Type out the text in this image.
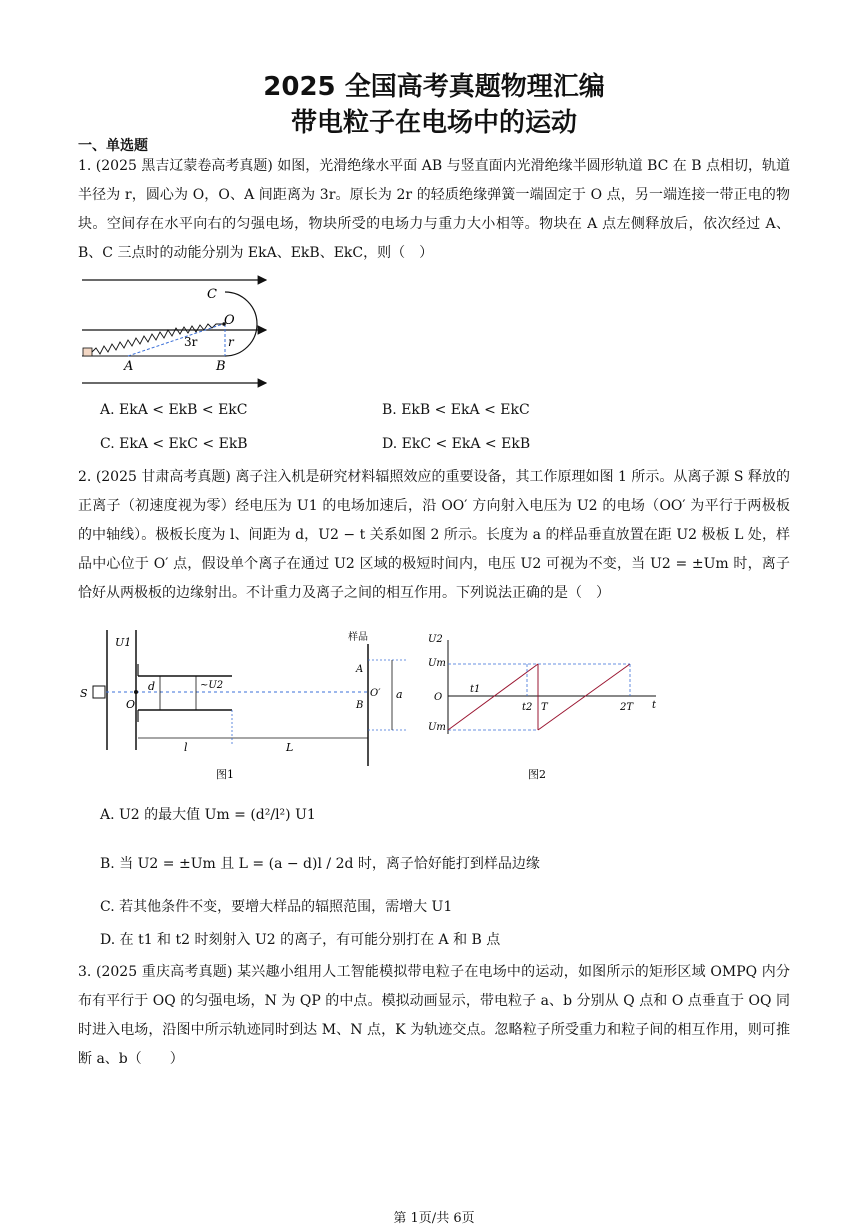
2025 全国高考真题物理汇编
带电粒子在电场中的运动
一、单选题
1. (2025 黑吉辽蒙卷高考真题) 如图，光滑绝缘水平面 AB 与竖直面内光滑绝缘半圆形轨道 BC 在 B 点相切，轨道半径为 r，圆心为 O，O、A 间距离为 3r。原长为 2r 的轻质绝缘弹簧一端固定于 O 点，另一端连接一带正电的物块。空间存在水平向右的匀强电场，物块所受的电场力与重力大小相等。物块在 A 点左侧释放后，依次经过 A、B、C 三点时的动能分别为 EkA、EkB、EkC，则（　）
C
O
r
3r
A	B
A. EkA < EkB < EkC	B. EkB < EkA < EkC
C. EkA < EkC < EkB	D. EkC < EkA < EkB
2. (2025 甘肃高考真题) 离子注入机是研究材料辐照效应的重要设备，其工作原理如图 1 所示。从离子源 S 释放的正离子（初速度视为零）经电压为 U1 的电场加速后，沿 OO′ 方向射入电压为 U2 的电场（OO′ 为平行于两极板的中轴线）。极板长度为 l、间距为 d，U2 − t 关系如图 2 所示。长度为 a 的样品垂直放置在距 U2 极板 L 处，样品中心位于 O′ 点，假设单个离子在通过 U2 区域的极短时间内，电压 U2 可视为不变，当 U2 = ±Um 时，离子恰好从两极板的边缘射出。不计重力及离子之间的相互作用。下列说法正确的是（　）
U1
S
O
d	~U2
l	L
样品
a
A
O′
B
图1
U2
Um
O
Um
t
t1
t2 T	2T
图2
A. U2 的最大值 Um = (d²/l²) U1
B. 当 U2 = ±Um 且 L = (a − d)l / 2d 时，离子恰好能打到样品边缘
C. 若其他条件不变，要增大样品的辐照范围，需增大 U1
D. 在 t1 和 t2 时刻射入 U2 的离子，有可能分别打在 A 和 B 点
3. (2025 重庆高考真题) 某兴趣小组用人工智能模拟带电粒子在电场中的运动，如图所示的矩形区域 OMPQ 内分布有平行于 OQ 的匀强电场，N 为 QP 的中点。模拟动画显示，带电粒子 a、b 分别从 Q 点和 O 点垂直于 OQ 同时进入电场，沿图中所示轨迹同时到达 M、N 点，K 为轨迹交点。忽略粒子所受重力和粒子间的相互作用，则可推断 a、b（　　）
第 1页/共 6页
